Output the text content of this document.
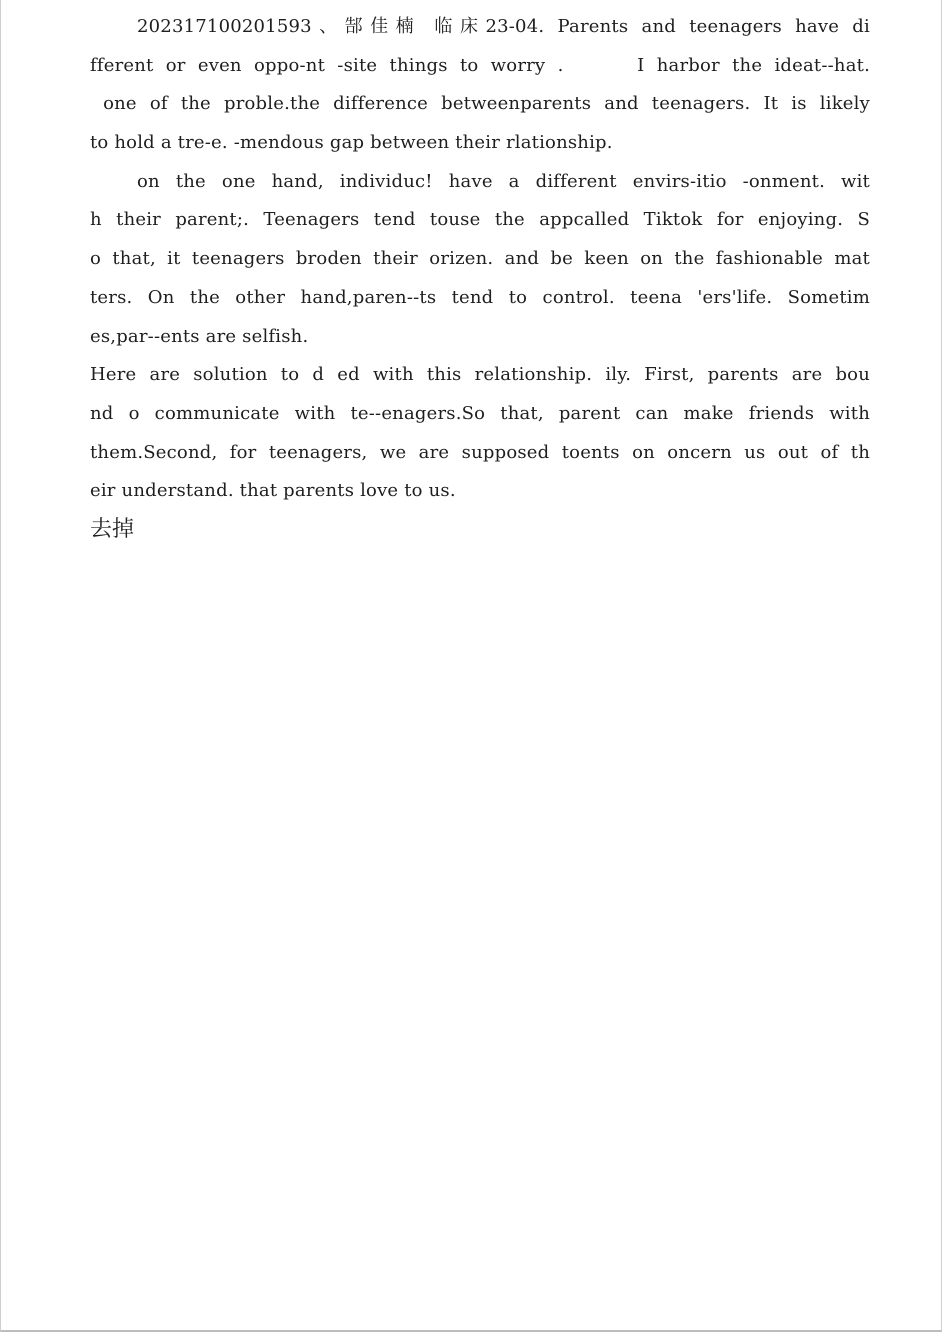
202317100201593、郜佳楠 临床23-04. Parents and teenagers have di
fferent or even oppo-nt -site things to worry .      I harbor the ideat--hat.
one of the proble.the difference betweenparents and teenagers. It is likely
to hold a tre-e. -mendous gap between their rlationship.
on the one hand, individuc! have a different envirs-itio -onment. wit
h their parent;. Teenagers tend touse the appcalled Tiktok for enjoying. S
o that, it teenagers broden their orizen. and be keen on the fashionable mat
ters. On the other hand,paren--ts tend to control. teena 'ers'life. Sometim
es,par--ents are selfish.
Here are solution to d ed with this relationship. ily. First, parents are bou
nd o communicate with te--enagers.So that, parent can make friends with
them.Second, for teenagers, we are supposed toents on oncern us out of th
eir understand. that parents love to us.
去掉
